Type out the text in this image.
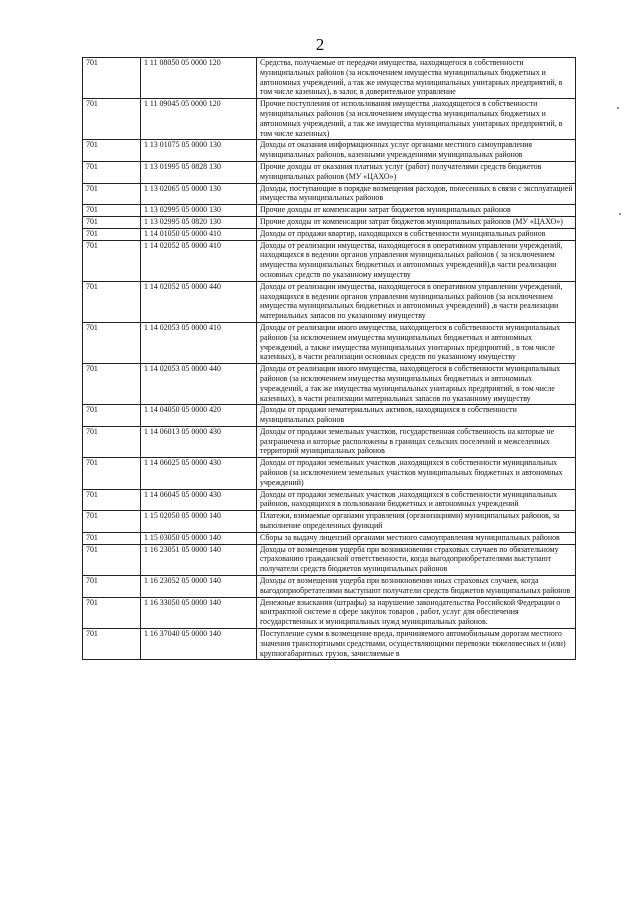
2
701	1 11 08050 05 0000 120	Средства, получаемые от передачи имущества, находящегося в собственности муниципальных районов (за исключением имущества муниципальных бюджетных и автономных учреждений, а так же имущества муниципальных унитарных предприятий, в том числе казенных), в залог, в доверительное управление
701	1 11 09045 05 0000 120	Прочие поступления от использования имущества ,находящегося в собственности муниципальных районов (за исключением имущества муниципальных бюджетных и автономных учреждений, а так же имущества муниципальных унитарных предприятий, в том числе казенных)
701	1 13 01075 05 0000 130	Доходы от оказания информационных услуг органами местного самоуправления муниципальных районов, казенными учреждениями муниципальных районов
701	1 13 01995 05 0828 130	Прочие доходы от оказания платных услуг (работ) получателями средств бюджетов муниципальных районов (МУ «ЦАХО»)
701	1 13 02065 05 0000 130	Доходы, поступающие в порядке возмещения расходов, понесенных в связи с эксплуатацией имущества муниципальных районов
701	1 13 02995 05 0000 130	Прочие доходы от компенсации затрат бюджетов муниципальных районов
701	1 13 02995 05 0820 130	Прочие доходы от компенсации затрат бюджетов муниципальных районов (МУ «ЦАХО»)
701	1 14 01050 05 0000 410	Доходы от продажи квартир, находящихся в собственности муниципальных районов
701	1 14 02052 05 0000 410	Доходы от реализации имущества, находящегося в оперативном управлении учреждений, находящихся в ведении органов управления муниципальных районов ( за исключением имущества муниципальных бюджетных и автономных учреждений),в части реализации основных средств по указанному имуществу
701	1 14 02052 05 0000 440	Доходы от реализации имущества, находящегося в оперативном управлении учреждений, находящихся в ведении органов управления муниципальных районов (за исключением имущества муниципальных бюджетных и автономных учреждений) ,в части реализации материальных запасов по указанному имуществу
701	1 14 02053 05 0000 410	Доходы от реализации иного имущества, находящегося в собственности муниципальных районов (за исключением имущества муниципальных бюджетных и автономных учреждений, а также имущества муниципальных унитарных предприятий , в том числе казенных), в части реализации основных средств по указанному имуществу
701	1 14 02053 05 0000 440	Доходы от реализации иного имущества, находящегося в собственности муниципальных районов (за исключением имущества муниципальных бюджетных и автономных учреждений, а так же имущества муниципальных унитарных предприятий, в том числе казенных), в части реализации материальных запасов по указанному имуществу
701	1 14 04050 05 0000 420	Доходы от продажи нематериальных активов, находящихся в собственности муниципальных районов
701	1 14 06013 05 0000 430	Доходы от продажи земельных участков, государственная собственность на которые не разграничена и которые расположены в границах сельских поселений и межселенных территорий муниципальных районов
701	1 14 06025 05 0000 430	Доходы от продажи земельных участков ,находящихся в собственности муниципальных районов (за исключением земельных участков муниципальных бюджетных и автономных учреждений)
701	1 14 06045 05 0000 430	Доходы от продажи земельных участков ,находящихся в собственности муниципальных районов, находящихся в пользовании бюджетных и автономных учреждений
701	1 15 02050 05 0000 140	Платежи, взимаемые органами управления (организациями) муниципальных районов, за выполнение определенных функций
701	1 15 03050 05 0000 140	Сборы за выдачу лицензий органами местного самоуправления муниципальных районов
701	1 16 23051 05 0000 140	Доходы от возмещения ущерба при возникновении страховых случаев по обязательному страхованию гражданской ответственности, когда выгодоприобретателями выступают получатели средств бюджетов муниципальных районов
701	1 16 23052 05 0000 140	Доходы от возмещения ущерба при возникновении иных страховых случаев, когда выгодоприобретателями выступают получатели средств бюджетов муниципальных районов
701	1 16 33050 05 0000 140	Денежные взыскания (штрафы) за нарушение законодательства Российской Федерации о контрактной системе в сфере закупок товаров , работ, услуг для обеспечения государственных и муниципальных нужд муниципальных районов.
701	1 16 37040 05 0000 140	Поступление сумм в возмещение вреда, причиняемого автомобильным дорогам местного значения транспортными средствами, осуществляющими перевозки тяжеловесных и (или) крупногабаритных грузов, зачисляемые в
